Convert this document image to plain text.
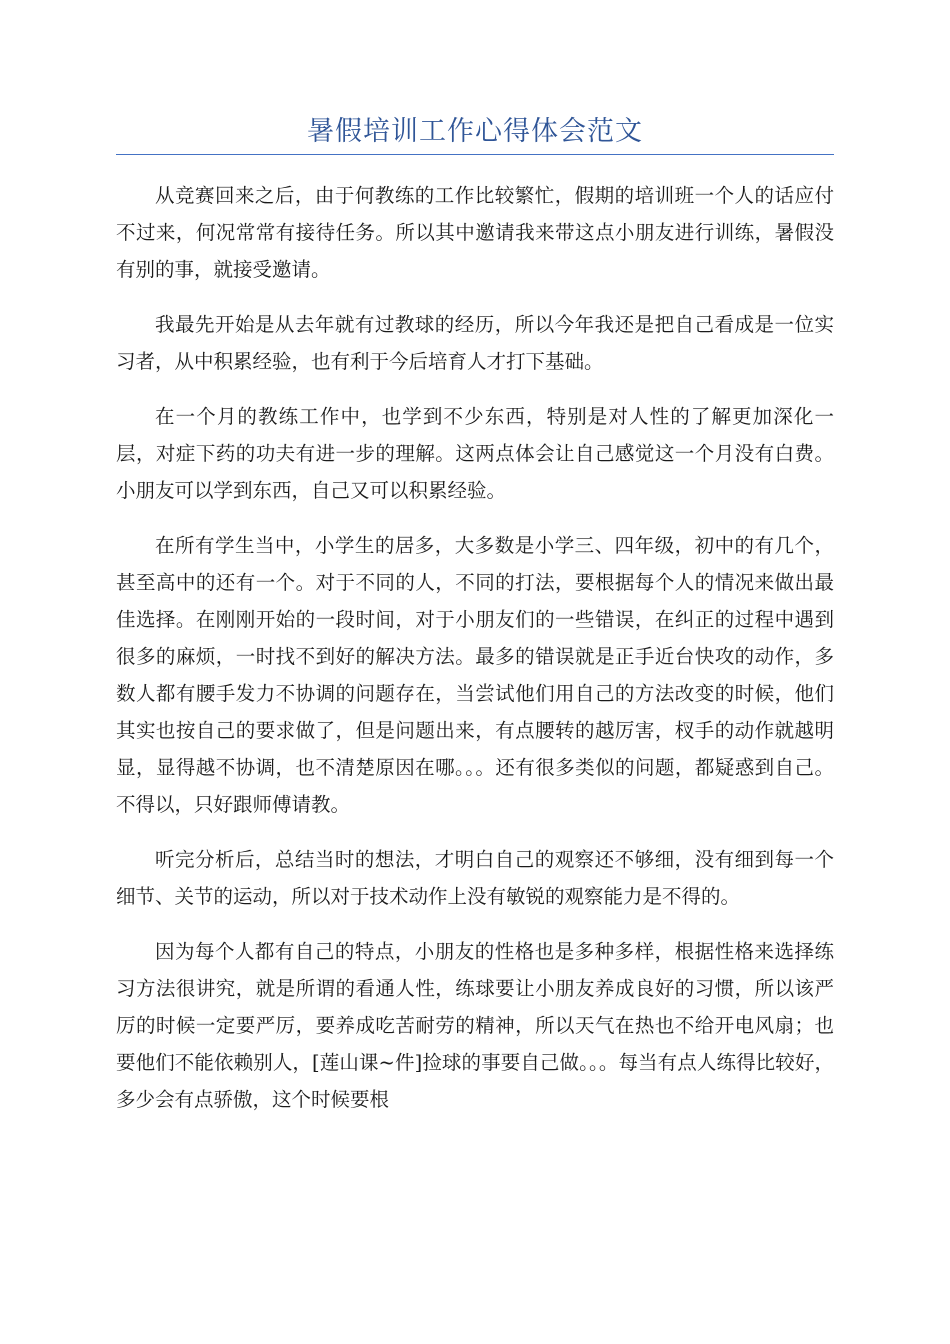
暑假培训工作心得体会范文

从竞赛回来之后，由于何教练的工作比较繁忙，假期的培训班一个人的话应付不过来，何况常常有接待任务。所以其中邀请我来带这点小朋友进行训练，暑假没有别的事，就接受邀请。

我最先开始是从去年就有过教球的经历，所以今年我还是把自己看成是一位实习者，从中积累经验，也有利于今后培育人才打下基础。

在一个月的教练工作中，也学到不少东西，特别是对人性的了解更加深化一层，对症下药的功夫有进一步的理解。这两点体会让自己感觉这一个月没有白费。小朋友可以学到东西，自己又可以积累经验。

在所有学生当中，小学生的居多，大多数是小学三、四年级，初中的有几个，甚至高中的还有一个。对于不同的人，不同的打法，要根据每个人的情况来做出最佳选择。在刚刚开始的一段时间，对于小朋友们的一些错误，在纠正的过程中遇到很多的麻烦，一时找不到好的解决方法。最多的错误就是正手近台快攻的动作，多数人都有腰手发力不协调的问题存在，当尝试他们用自己的方法改变的时候，他们其实也按自己的要求做了，但是问题出来，有点腰转的越厉害，杈手的动作就越明显，显得越不协调，也不清楚原因在哪。。。还有很多类似的问题，都疑惑到自己。不得以，只好跟师傅请教。

听完分析后，总结当时的想法，才明白自己的观察还不够细，没有细到每一个细节、关节的运动，所以对于技术动作上没有敏锐的观察能力是不得的。

因为每个人都有自己的特点，小朋友的性格也是多种多样，根据性格来选择练习方法很讲究，就是所谓的看通人性，练球要让小朋友养成良好的习惯，所以该严厉的时候一定要严厉，要养成吃苦耐劳的精神，所以天气在热也不给开电风扇；也要他们不能依赖别人，[莲山课~件]捡球的事要自己做。。。每当有点人练得比较好，多少会有点骄傲，这个时候要根
